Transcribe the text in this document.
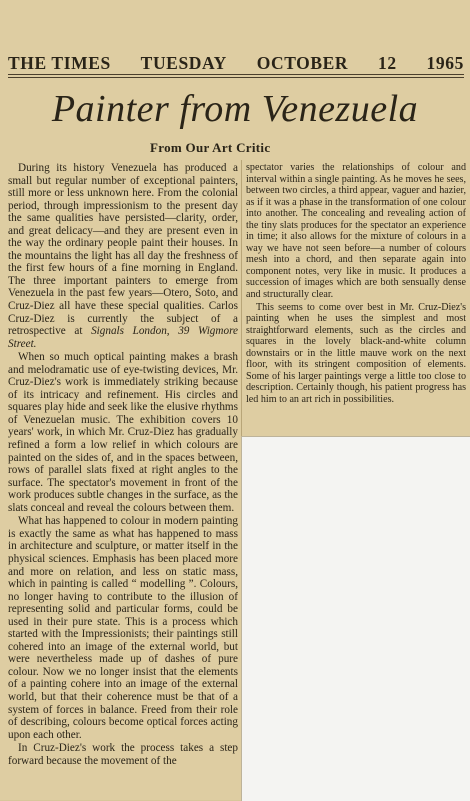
THE TIMES TUESDAY OCTOBER 12 1965
Painter from Venezuela
From Our Art Critic

During its history Venezuela has produced a small but regular number of exceptional painters, still more or less unknown here. From the colonial period, through impressionism to the present day the same qualities have persisted—clarity, order, and great delicacy—and they are present even in the way the ordinary people paint their houses. In the mountains the light has all day the freshness of the first few hours of a fine morning in England. The three important painters to emerge from Venezuela in the past few years—Otero, Soto, and Cruz-Diez all have these special qualities. Carlos Cruz-Diez is currently the subject of a retrospective at Signals London, 39 Wigmore Street.

When so much optical painting makes a brash and melodramatic use of eye-twisting devices, Mr. Cruz-Diez's work is immediately striking because of its intricacy and refinement. His circles and squares play hide and seek like the elusive rhythms of Venezuelan music. The exhibition covers 10 years' work, in which Mr. Cruz-Diez has gradually refined a form a low relief in which colours are painted on the sides of, and in the spaces between, rows of parallel slats fixed at right angles to the surface. The spectator's movement in front of the work produces subtle changes in the surface, as the slats conceal and reveal the colours between them.

What has happened to colour in modern painting is exactly the same as what has happened to mass in architecture and sculpture, or matter itself in the physical sciences. Emphasis has been placed more and more on relation, and less on static mass, which in painting is called “ modelling ”. Colours, no longer having to contribute to the illusion of representing solid and particular forms, could be used in their pure state. This is a process which started with the Impressionists; their paintings still cohered into an image of the external world, but were nevertheless made up of dashes of pure colour. Now we no longer insist that the elements of a painting cohere into an image of the external world, but that their coherence must be that of a system of forces in balance. Freed from their role of describing, colours become optical forces acting upon each other.

In Cruz-Diez's work the process takes a step forward because the movement of the

spectator varies the relationships of colour and interval within a single painting. As he moves he sees, between two circles, a third appear, vaguer and hazier, as if it was a phase in the transformation of one colour into another. The concealing and revealing action of the tiny slats produces for the spectator an experience in time; it also allows for the mixture of colours in a way we have not seen before—a number of colours mesh into a chord, and then separate again into component notes, very like in music. It produces a succession of images which are both sensually dense and structurally clear.

This seems to come over best in Mr. Cruz-Diez's painting when he uses the simplest and most straightforward elements, such as the circles and squares in the lovely black-and-white column downstairs or in the little mauve work on the next floor, with its stringent composition of elements. Some of his larger paintings verge a little too close to description. Certainly though, his patient progress has led him to an art rich in possibilities.
